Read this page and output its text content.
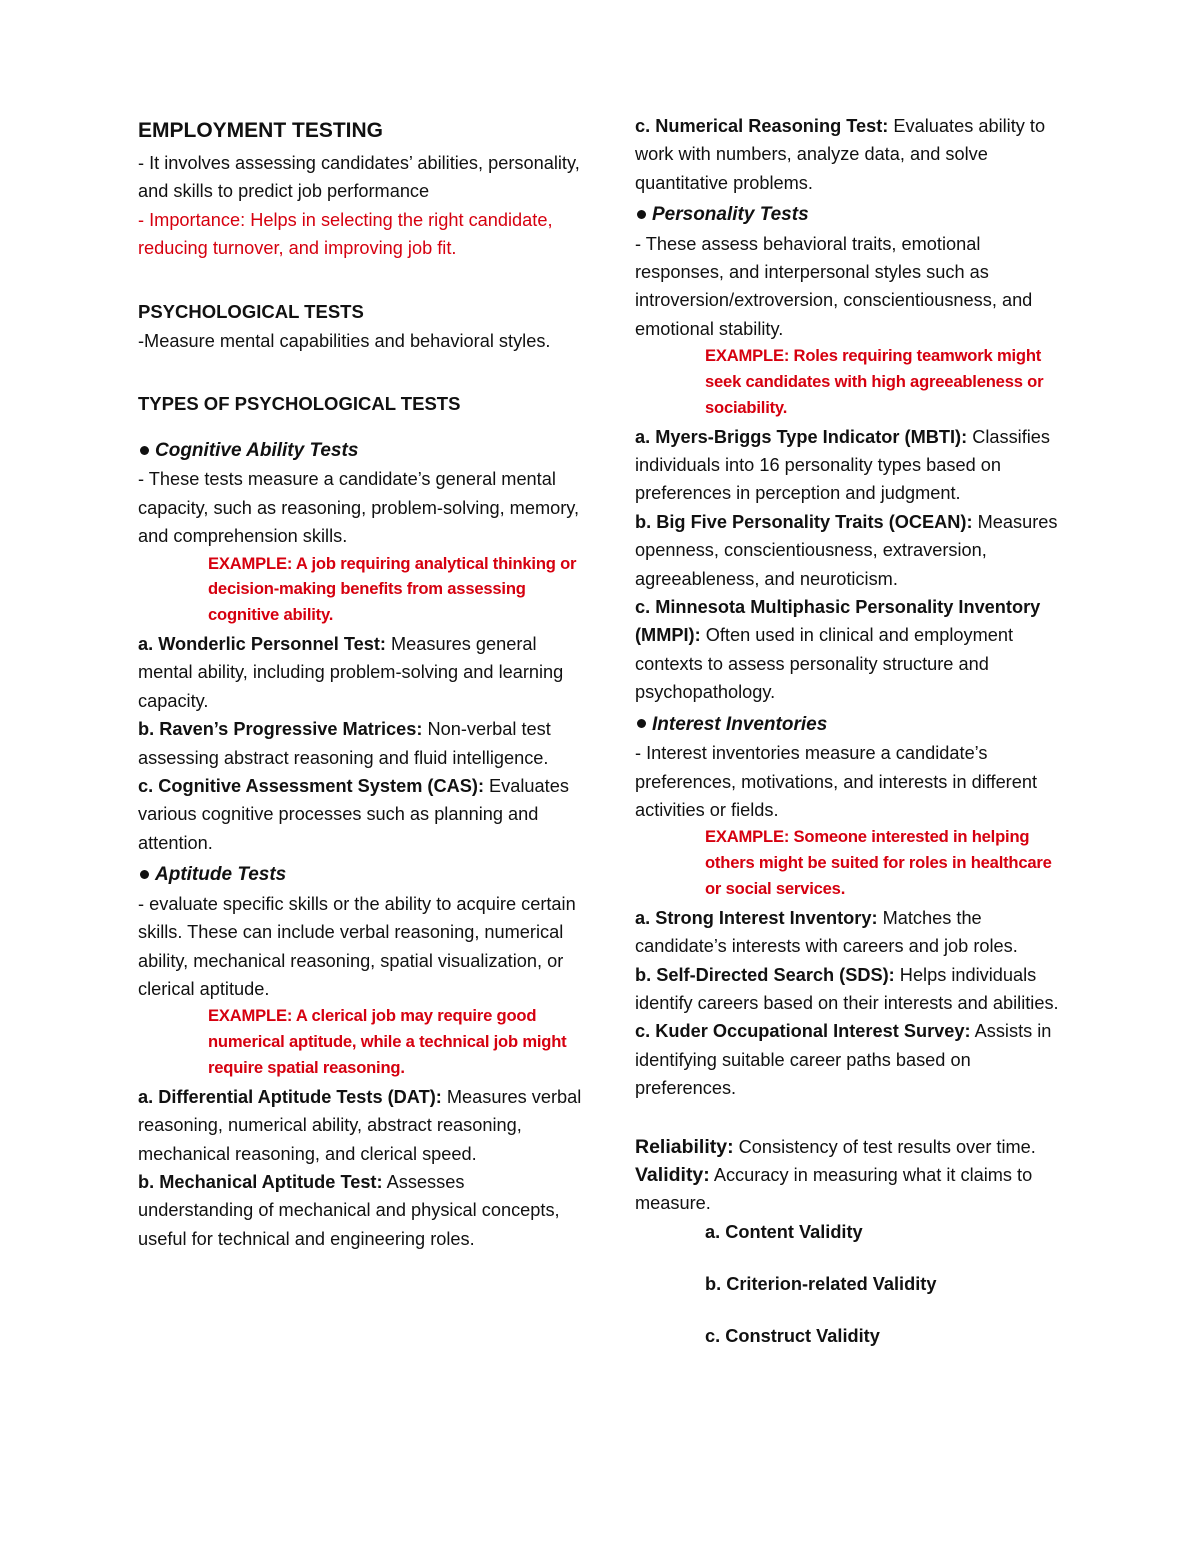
EMPLOYMENT TESTING

- It involves assessing candidates’ abilities, personality, and skills to predict job performance

- Importance: Helps in selecting the right candidate, reducing turnover, and improving job fit.

PSYCHOLOGICAL TESTS

-Measure mental capabilities and behavioral styles.

TYPES OF PSYCHOLOGICAL TESTS

Cognitive Ability Tests

- These tests measure a candidate’s general mental capacity, such as reasoning, problem-solving, memory, and comprehension skills.

EXAMPLE: A job requiring analytical thinking or decision-making benefits from assessing cognitive ability.

a. Wonderlic Personnel Test: Measures general mental ability, including problem-solving and learning capacity.

b. Raven’s Progressive Matrices: Non-verbal test assessing abstract reasoning and fluid intelligence.

c. Cognitive Assessment System (CAS): Evaluates various cognitive processes such as planning and attention.

Aptitude Tests

- evaluate specific skills or the ability to acquire certain skills. These can include verbal reasoning, numerical ability, mechanical reasoning, spatial visualization, or clerical aptitude.

EXAMPLE: A clerical job may require good numerical aptitude, while a technical job might require spatial reasoning.

a. Differential Aptitude Tests (DAT): Measures verbal reasoning, numerical ability, abstract reasoning, mechanical reasoning, and clerical speed.

b. Mechanical Aptitude Test: Assesses understanding of mechanical and physical concepts, useful for technical and engineering roles.

c. Numerical Reasoning Test: Evaluates ability to work with numbers, analyze data, and solve quantitative problems.

Personality Tests

- These assess behavioral traits, emotional responses, and interpersonal styles such as introversion/extroversion, conscientiousness, and emotional stability.

EXAMPLE: Roles requiring teamwork might seek candidates with high agreeableness or sociability.

a. Myers-Briggs Type Indicator (MBTI): Classifies individuals into 16 personality types based on preferences in perception and judgment.

b. Big Five Personality Traits (OCEAN): Measures openness, conscientiousness, extraversion, agreeableness, and neuroticism.

c. Minnesota Multiphasic Personality Inventory (MMPI): Often used in clinical and employment contexts to assess personality structure and psychopathology.

Interest Inventories

- Interest inventories measure a candidate’s preferences, motivations, and interests in different activities or fields.

EXAMPLE: Someone interested in helping others might be suited for roles in healthcare or social services.

a. Strong Interest Inventory: Matches the candidate’s interests with careers and job roles.

b. Self-Directed Search (SDS): Helps individuals identify careers based on their interests and abilities.

c. Kuder Occupational Interest Survey: Assists in identifying suitable career paths based on preferences.

Reliability: Consistency of test results over time.

Validity: Accuracy in measuring what it claims to measure.

a. Content Validity

b. Criterion-related Validity

c. Construct Validity
